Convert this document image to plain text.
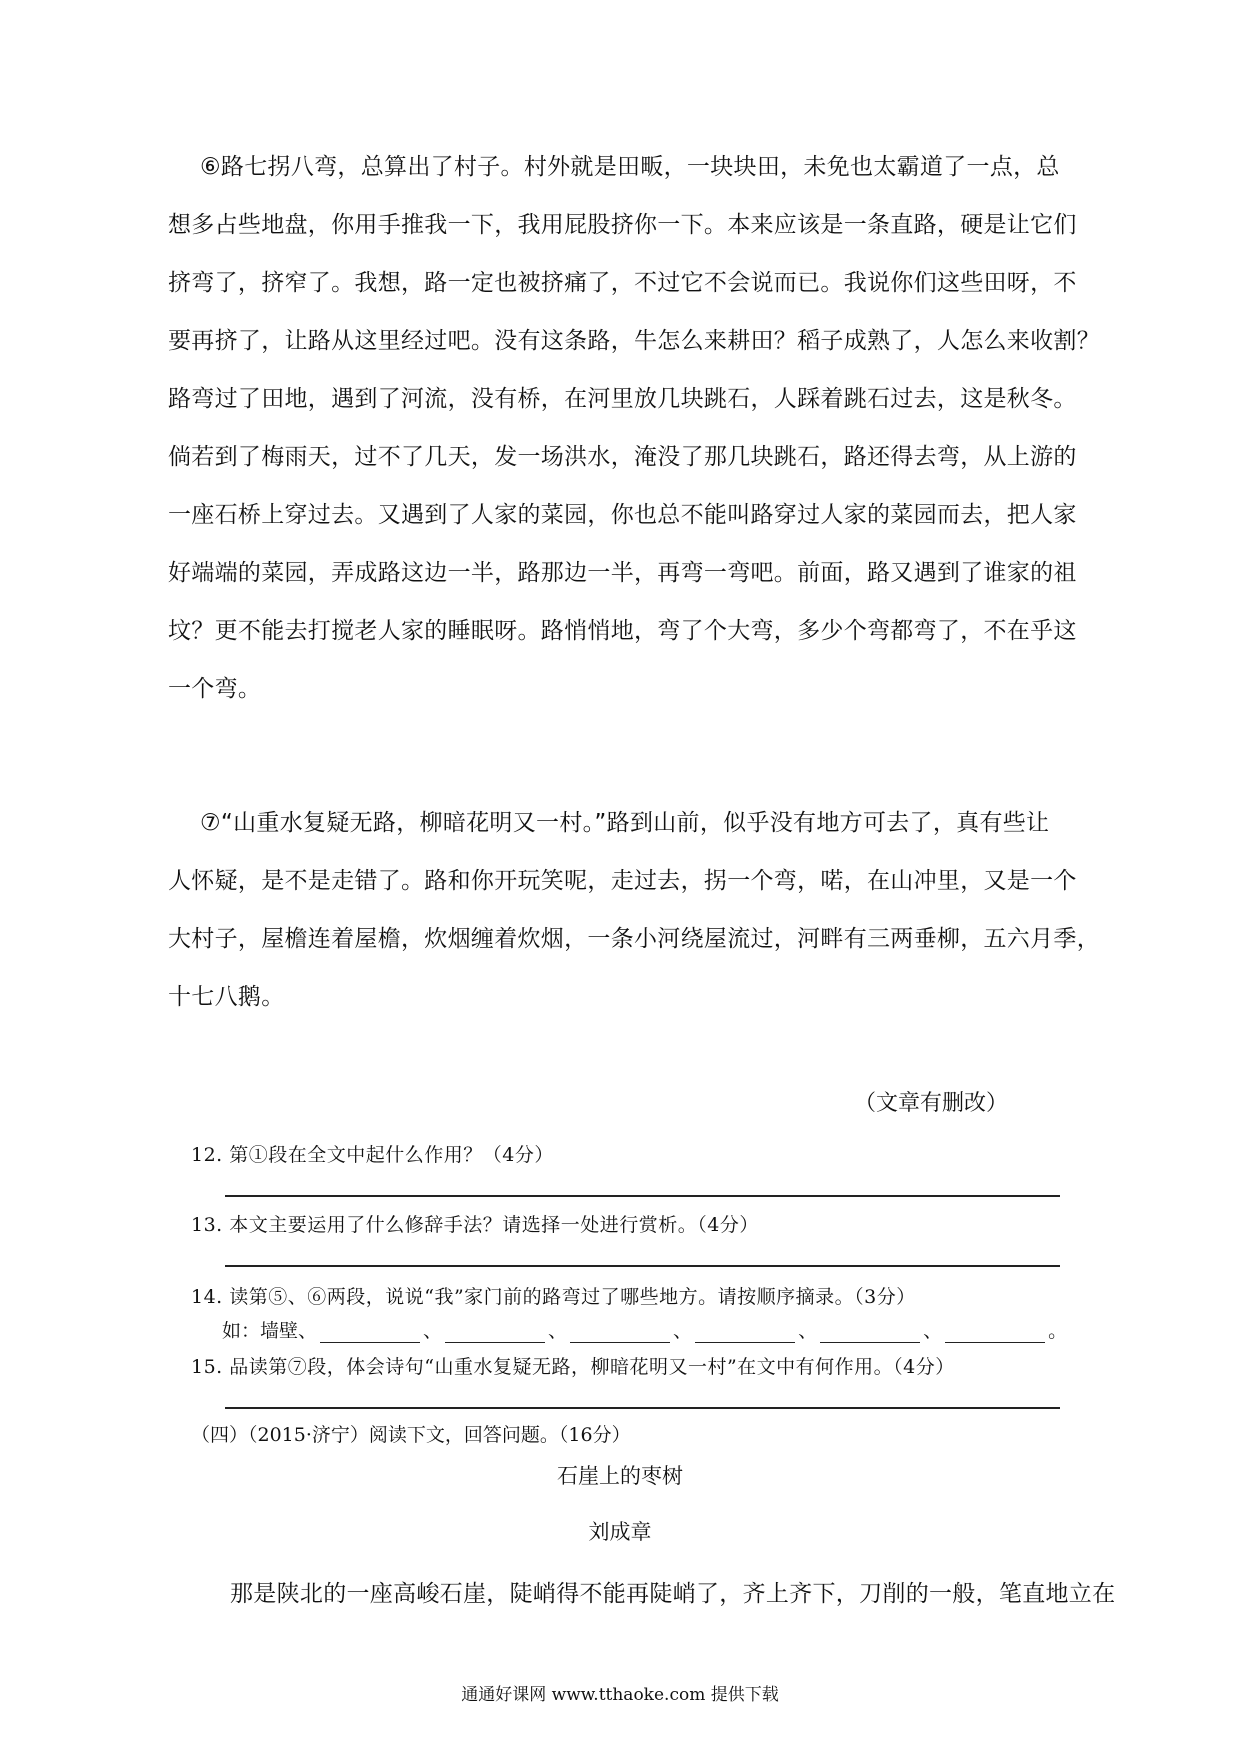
⑥路七拐八弯，总算出了村子。村外就是田畈，一块块田，未免也太霸道了一点，总
想多占些地盘，你用手推我一下，我用屁股挤你一下。本来应该是一条直路，硬是让它们
挤弯了，挤窄了。我想，路一定也被挤痛了，不过它不会说而已。我说你们这些田呀，不
要再挤了，让路从这里经过吧。没有这条路，牛怎么来耕田？稻子成熟了，人怎么来收割？
路弯过了田地，遇到了河流，没有桥，在河里放几块跳石，人踩着跳石过去，这是秋冬。
倘若到了梅雨天，过不了几天，发一场洪水，淹没了那几块跳石，路还得去弯，从上游的
一座石桥上穿过去。又遇到了人家的菜园，你也总不能叫路穿过人家的菜园而去，把人家
好端端的菜园，弄成路这边一半，路那边一半，再弯一弯吧。前面，路又遇到了谁家的祖
坟？更不能去打搅老人家的睡眠呀。路悄悄地，弯了个大弯，多少个弯都弯了，不在乎这
一个弯。
⑦“山重水复疑无路，柳暗花明又一村。”路到山前，似乎没有地方可去了，真有些让
人怀疑，是不是走错了。路和你开玩笑呢，走过去，拐一个弯，喏，在山冲里，又是一个
大村子，屋檐连着屋檐，炊烟缠着炊烟，一条小河绕屋流过，河畔有三两垂柳，五六月季，
十七八鹅。
（文章有删改）
12. 第①段在全文中起什么作用？（4分）
13. 本文主要运用了什么修辞手法？请选择一处进行赏析。（4分）
14. 读第⑤、⑥两段，说说“我”家门前的路弯过了哪些地方。请按顺序摘录。（3分）
如：墙壁、	、	、	、	、	、	。
15. 品读第⑦段，体会诗句“山重水复疑无路，柳暗花明又一村”在文中有何作用。（4分）
（四）（2015·济宁）阅读下文，回答问题。（16分）
石崖上的枣树
刘成章
那是陕北的一座高峻石崖，陡峭得不能再陡峭了，齐上齐下，刀削的一般，笔直地立在
通通好课网 www.tthaoke.com 提供下载
